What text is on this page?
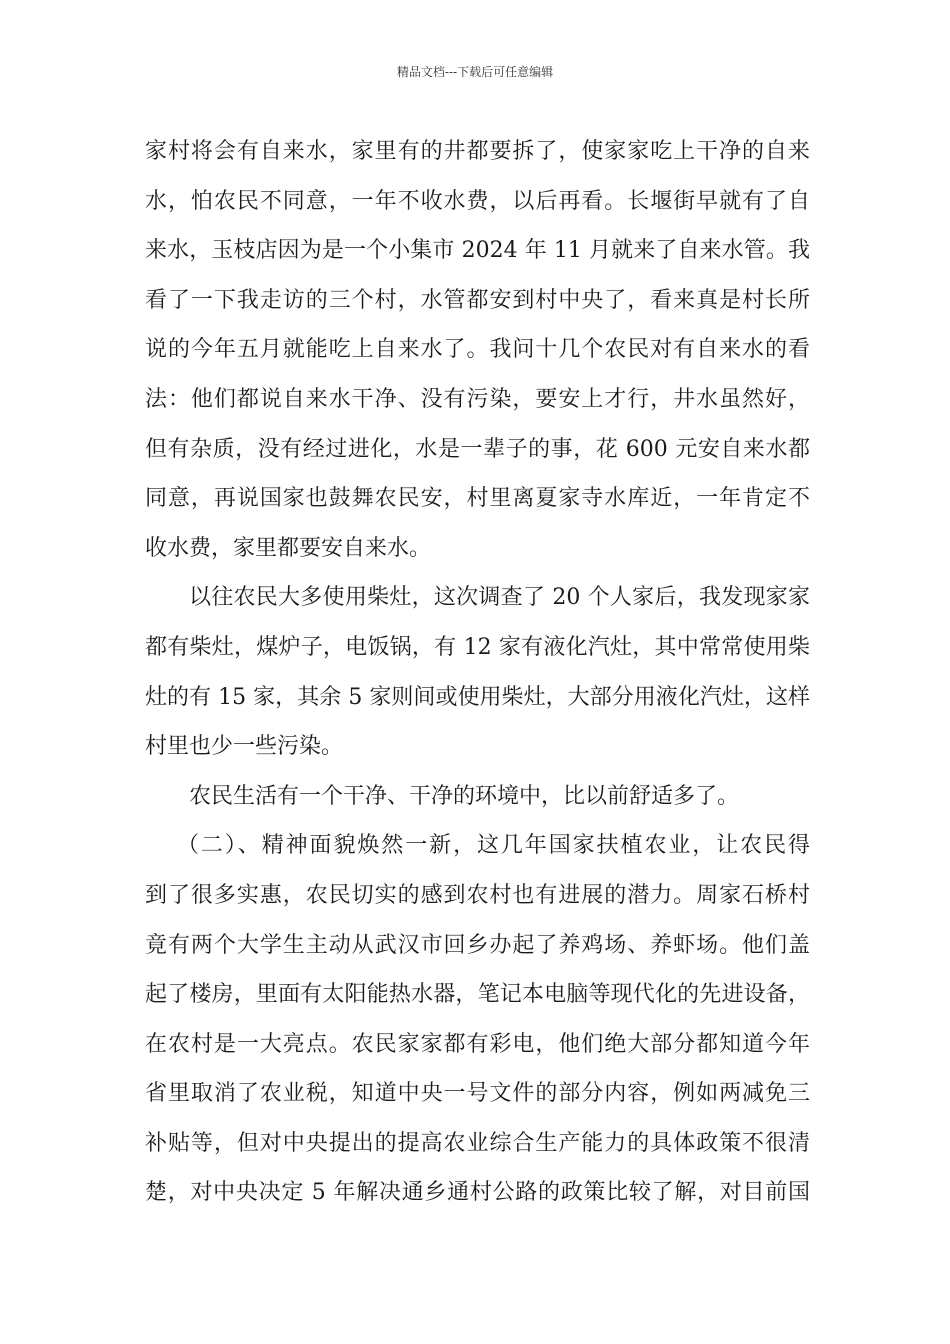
精品文档---下载后可任意编辑
家村将会有自来水，家里有的井都要拆了，使家家吃上干净的自来
水，怕农民不同意，一年不收水费，以后再看。长堰街早就有了自
来水，玉枝店因为是一个小集市 2024 年 11 月就来了自来水管。我
看了一下我走访的三个村，水管都安到村中央了，看来真是村长所
说的今年五月就能吃上自来水了。我问十几个农民对有自来水的看
法：他们都说自来水干净、没有污染，要安上才行，井水虽然好，
但有杂质，没有经过进化，水是一辈子的事，花 600 元安自来水都
同意，再说国家也鼓舞农民安，村里离夏家寺水库近，一年肯定不
收水费，家里都要安自来水。
以往农民大多使用柴灶，这次调查了 20 个人家后，我发现家家
都有柴灶，煤炉子，电饭锅，有 12 家有液化汽灶，其中常常使用柴
灶的有 15 家，其余 5 家则间或使用柴灶，大部分用液化汽灶，这样
村里也少一些污染。
农民生活有一个干净、干净的环境中，比以前舒适多了。
（二）、精神面貌焕然一新，这几年国家扶植农业，让农民得
到了很多实惠，农民切实的感到农村也有进展的潜力。周家石桥村
竟有两个大学生主动从武汉市回乡办起了养鸡场、养虾场。他们盖
起了楼房，里面有太阳能热水器，笔记本电脑等现代化的先进设备，
在农村是一大亮点。农民家家都有彩电，他们绝大部分都知道今年
省里取消了农业税，知道中央一号文件的部分内容，例如两减免三
补贴等，但对中央提出的提高农业综合生产能力的具体政策不很清
楚，对中央决定 5 年解决通乡通村公路的政策比较了解，对目前国
